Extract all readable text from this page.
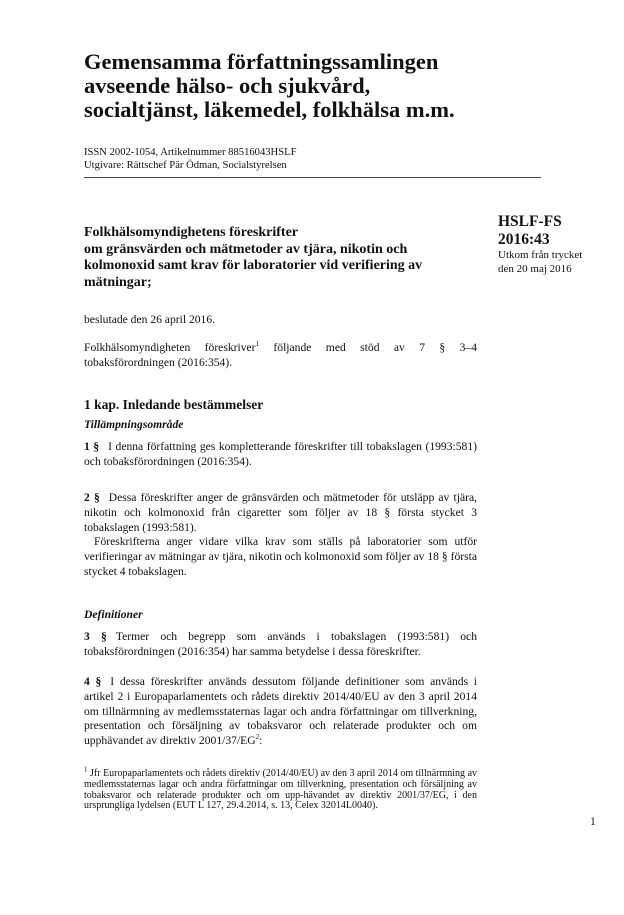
Gemensamma författningssamlingen
avseende hälso- och sjukvård,
socialtjänst, läkemedel, folkhälsa m.m.
ISSN 2002-1054, Artikelnummer 88516043HSLF
Utgivare: Rättschef Pär Ödman, Socialstyrelsen
HSLF-FS
2016:43
Utkom från trycket
den 20 maj 2016
Folkhälsomyndighetens föreskrifter
om gränsvärden och mätmetoder av tjära, nikotin och
kolmonoxid samt krav för laboratorier vid verifiering av
mätningar;

beslutade den 26 april 2016.

Folkhälsomyndigheten föreskriver$^1$ följande med stöd av 7 § 3–4 tobaksförordningen (2016:354).

1 kap. Inledande bestämmelser
Tillämpningsområde

1 § I denna författning ges kompletterande föreskrifter till tobakslagen (1993:581) och tobaksförordningen (2016:354).

2 § Dessa föreskrifter anger de gränsvärden och mätmetoder för utsläpp av tjära, nikotin och kolmonoxid från cigaretter som följer av 18 § första stycket 3 tobakslagen (1993:581).

Föreskrifterna anger vidare vilka krav som ställs på laboratorier som utför verifieringar av mätningar av tjära, nikotin och kolmonoxid som följer av 18 § första stycket 4 tobakslagen.

Definitioner

3 § Termer och begrepp som används i tobakslagen (1993:581) och tobaksförordningen (2016:354) har samma betydelse i dessa föreskrifter.

4 § I dessa föreskrifter används dessutom följande definitioner som används i artikel 2 i Europaparlamentets och rådets direktiv 2014/40/EU av den 3 april 2014 om tillnärmning av medlemsstaternas lagar och andra författningar om tillverkning, presentation och försäljning av tobaksvaror och relaterade produkter och om upphävandet av direktiv $2001/37/EG^2$:

$^1$ Jfr Europaparlamentets och rådets direktiv (2014/40/EU) av den 3 april 2014 om tillnärmning av medlemsstaternas lagar och andra författningar om tillverkning, presentation och försäljning av tobaksvaror och relaterade produkter och om upp-hävandet av direktiv 2001/37/EG, i den ursprungliga lydelsen (EUT L 127, 29.4.2014, s. 13, Celex 32014L0040).
1
